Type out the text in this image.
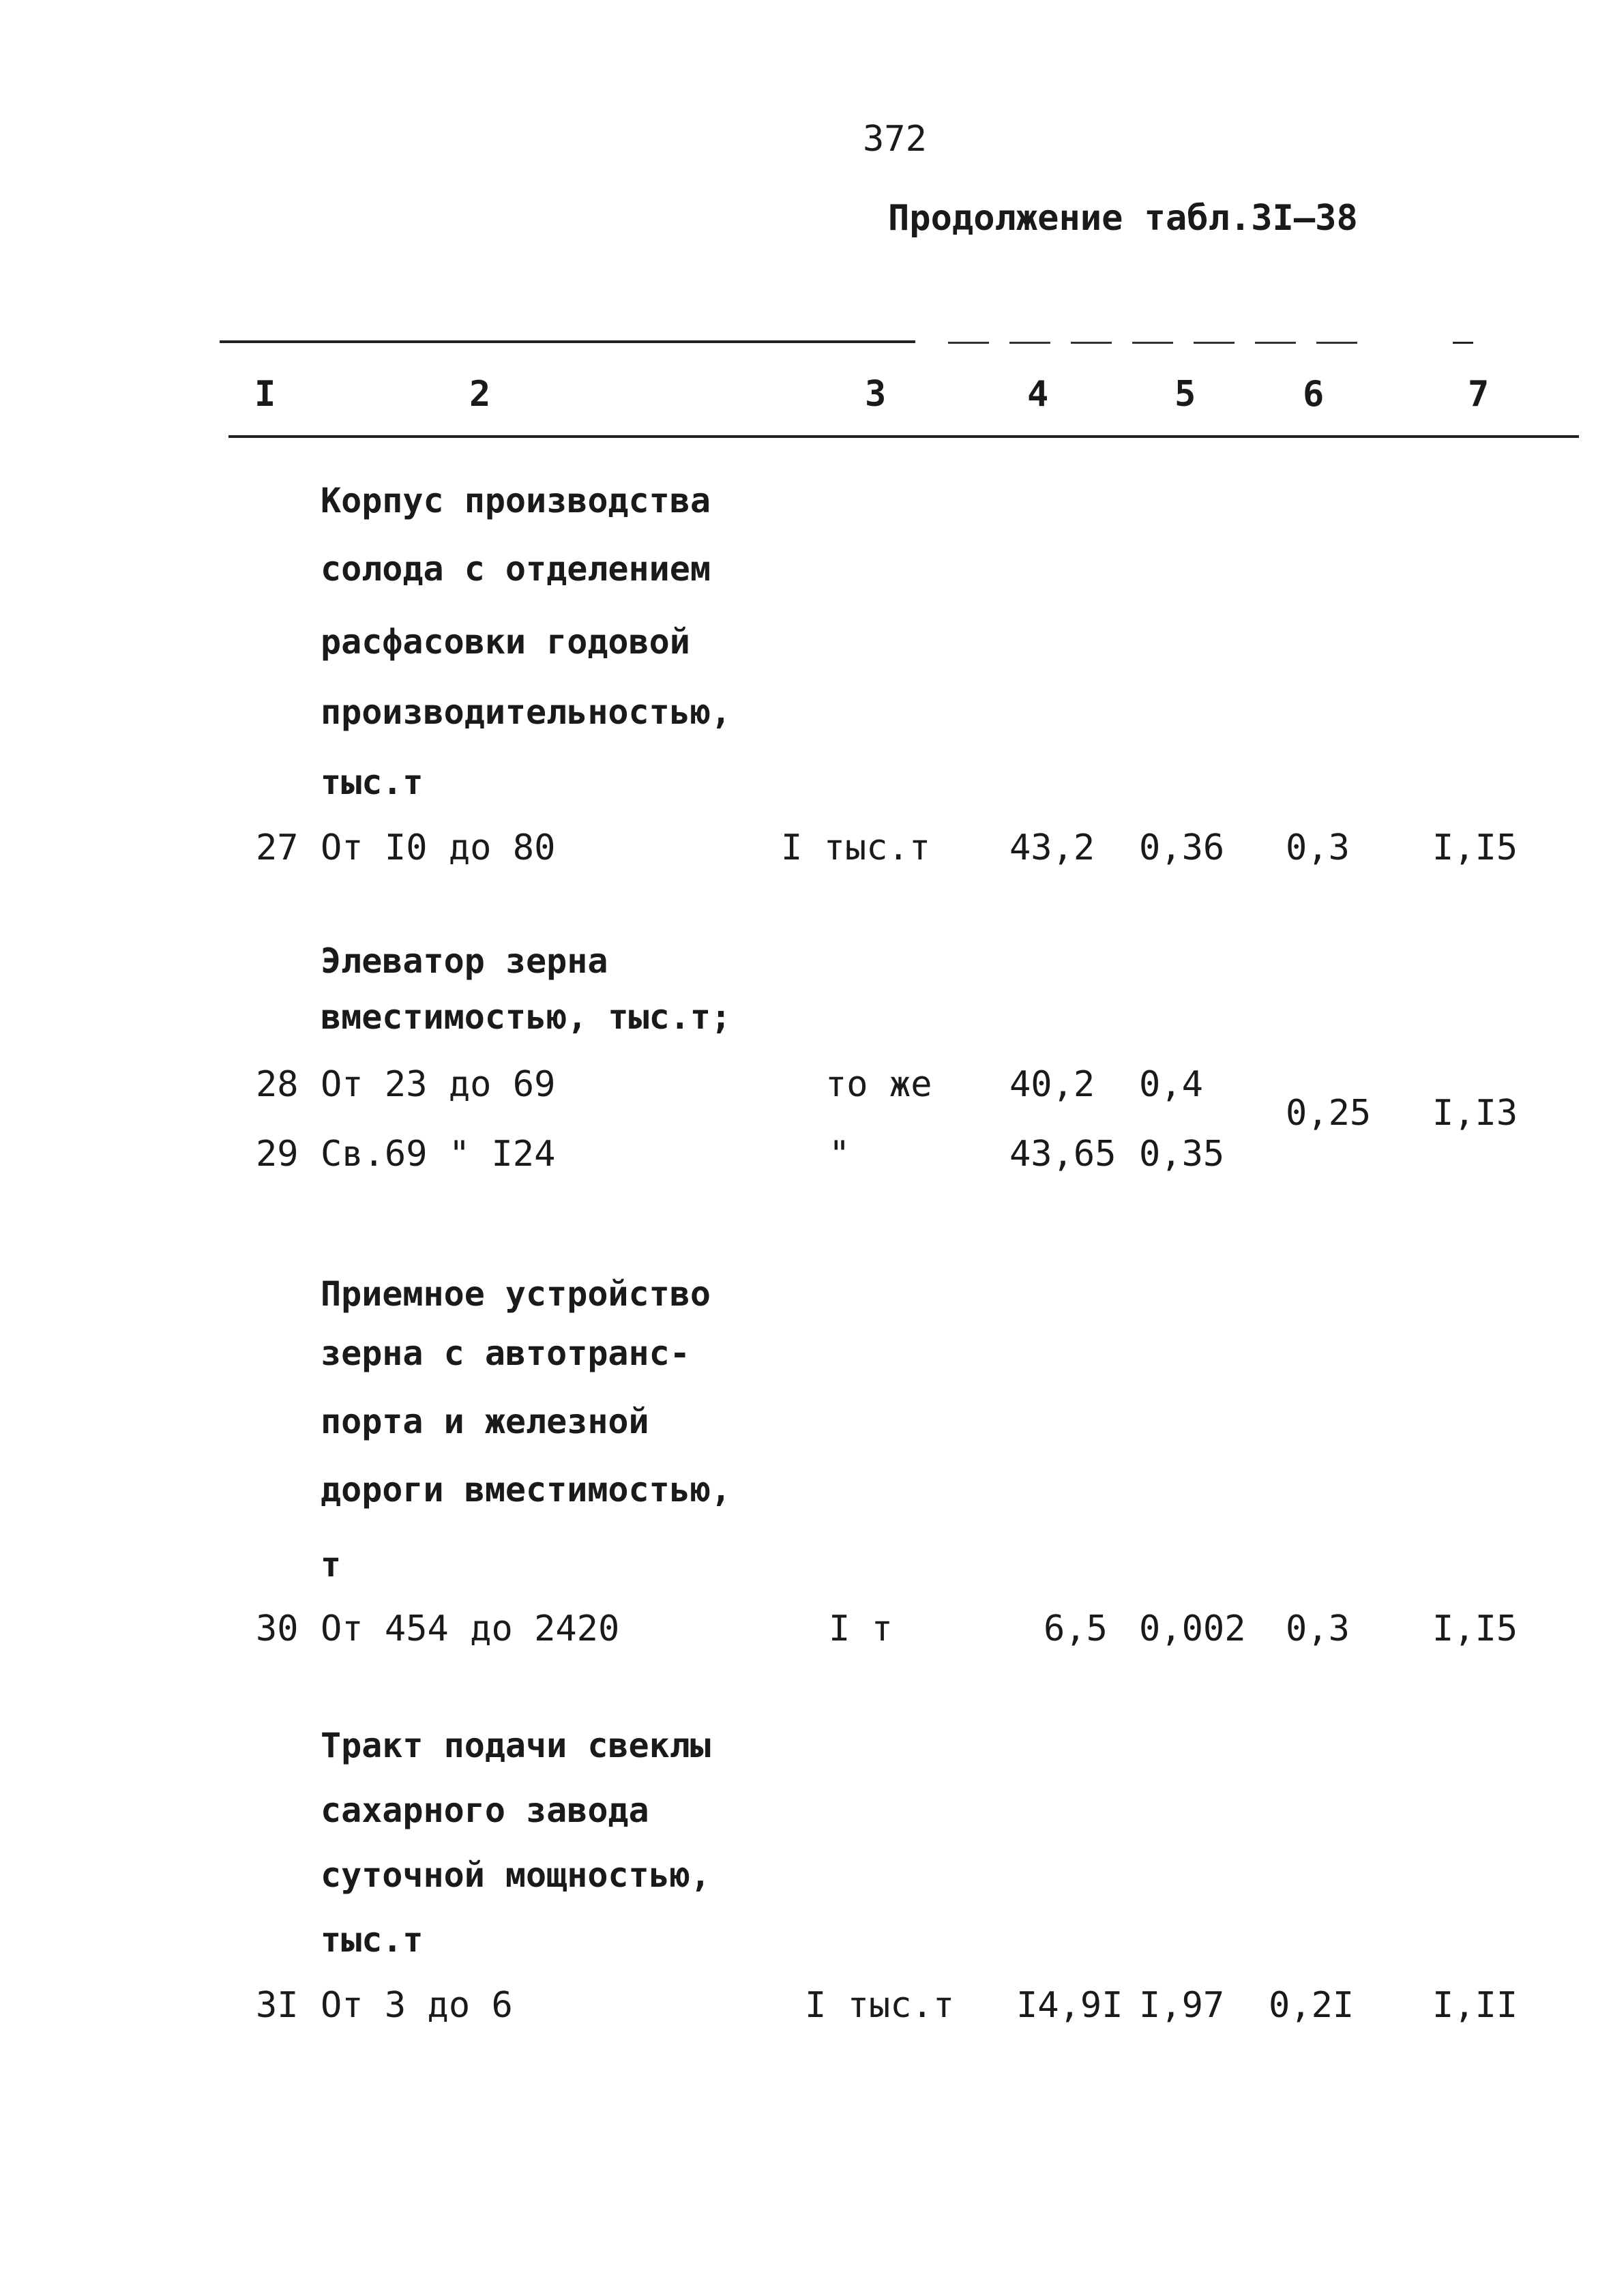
372
Продолжение табл.3I–38
I	2	3	4	5	6	7
Корпус производства
солода с отделением
расфасовки годовой
производительностью,
тыс.т
27 От I0 до 80	I тыс.т 43,2 0,36 0,3 I,I5
Элеватор зерна
вместимостью, тыс.т;
28 От 23 до 69	то же 40,2 0,4
29 Св.69 " I24	"	43,65 0,35
0,25 I,I3
Приемное устройство
зерна с автотранс-
порта и железной
дороги вместимостью,
т
30 От 454 до 2420	I т	6,5 0,002 0,3 I,I5
Тракт подачи свеклы
сахарного завода
суточной мощностью,
тыс.т
3I От 3 до 6	I тыс.т I4,9I I,97 0,2I I,II
